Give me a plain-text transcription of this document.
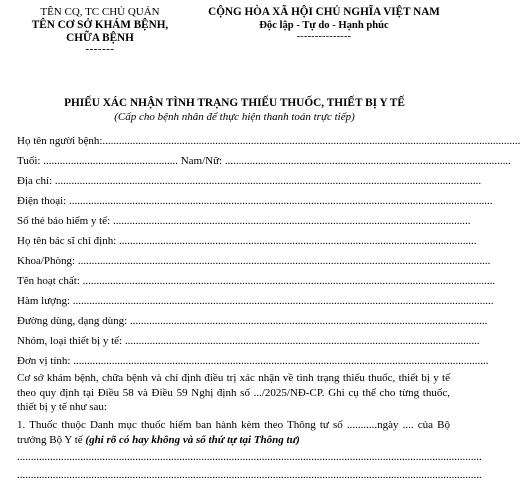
TÊN CQ, TC CHỦ QUẢN
TÊN CƠ SỞ KHÁM BỆNH,
CHỮA BỆNH
-------
CỘNG HÒA XÃ HỘI CHỦ NGHĨA VIỆT NAM
Độc lập - Tự do - Hạnh phúc
---------------
PHIẾU XÁC NHẬN TÌNH TRẠNG THIẾU THUỐC, THIẾT BỊ Y TẾ
(Cấp cho bệnh nhân để thực hiện thanh toán trực tiếp)
Họ tên người bệnh:........................................................................................................................................................
Tuổi: ................................................. Nam/Nữ: ........................................................................................................
Địa chỉ: ...........................................................................................................................................................
Điện thoại: ..........................................................................................................................................................
Số thẻ bảo hiểm y tế: ..................................................................................................................................
Họ tên bác sĩ chỉ định: ..................................................................................................................................
Khoa/Phòng: ......................................................................................................................................................
Tên hoạt chất: ......................................................................................................................................................
Hàm lượng: .........................................................................................................................................................
Đường dùng, dạng dùng: ..................................................................................................................................
Nhóm, loại thiết bị y tế: .................................................................................................................................
Đơn vị tính: .......................................................................................................................................................

Cơ sở khám bệnh, chữa bệnh và chỉ định điều trị xác nhận về tình trạng thiếu thuốc, thiết bị y tế theo quy định tại Điều 58 và Điều 59 Nghị định số .../2025/NĐ-CP. Ghi cụ thể cho từng thuốc, thiết bị y tế như sau:

1. Thuốc thuộc Danh mục thuốc hiếm ban hành kèm theo Thông tư số ...........ngày .... của Bộ trưởng Bộ Y tế (ghi rõ có hay không và số thứ tự tại Thông tư)

.........................................................................................................................................................................
.........................................................................................................................................................................
